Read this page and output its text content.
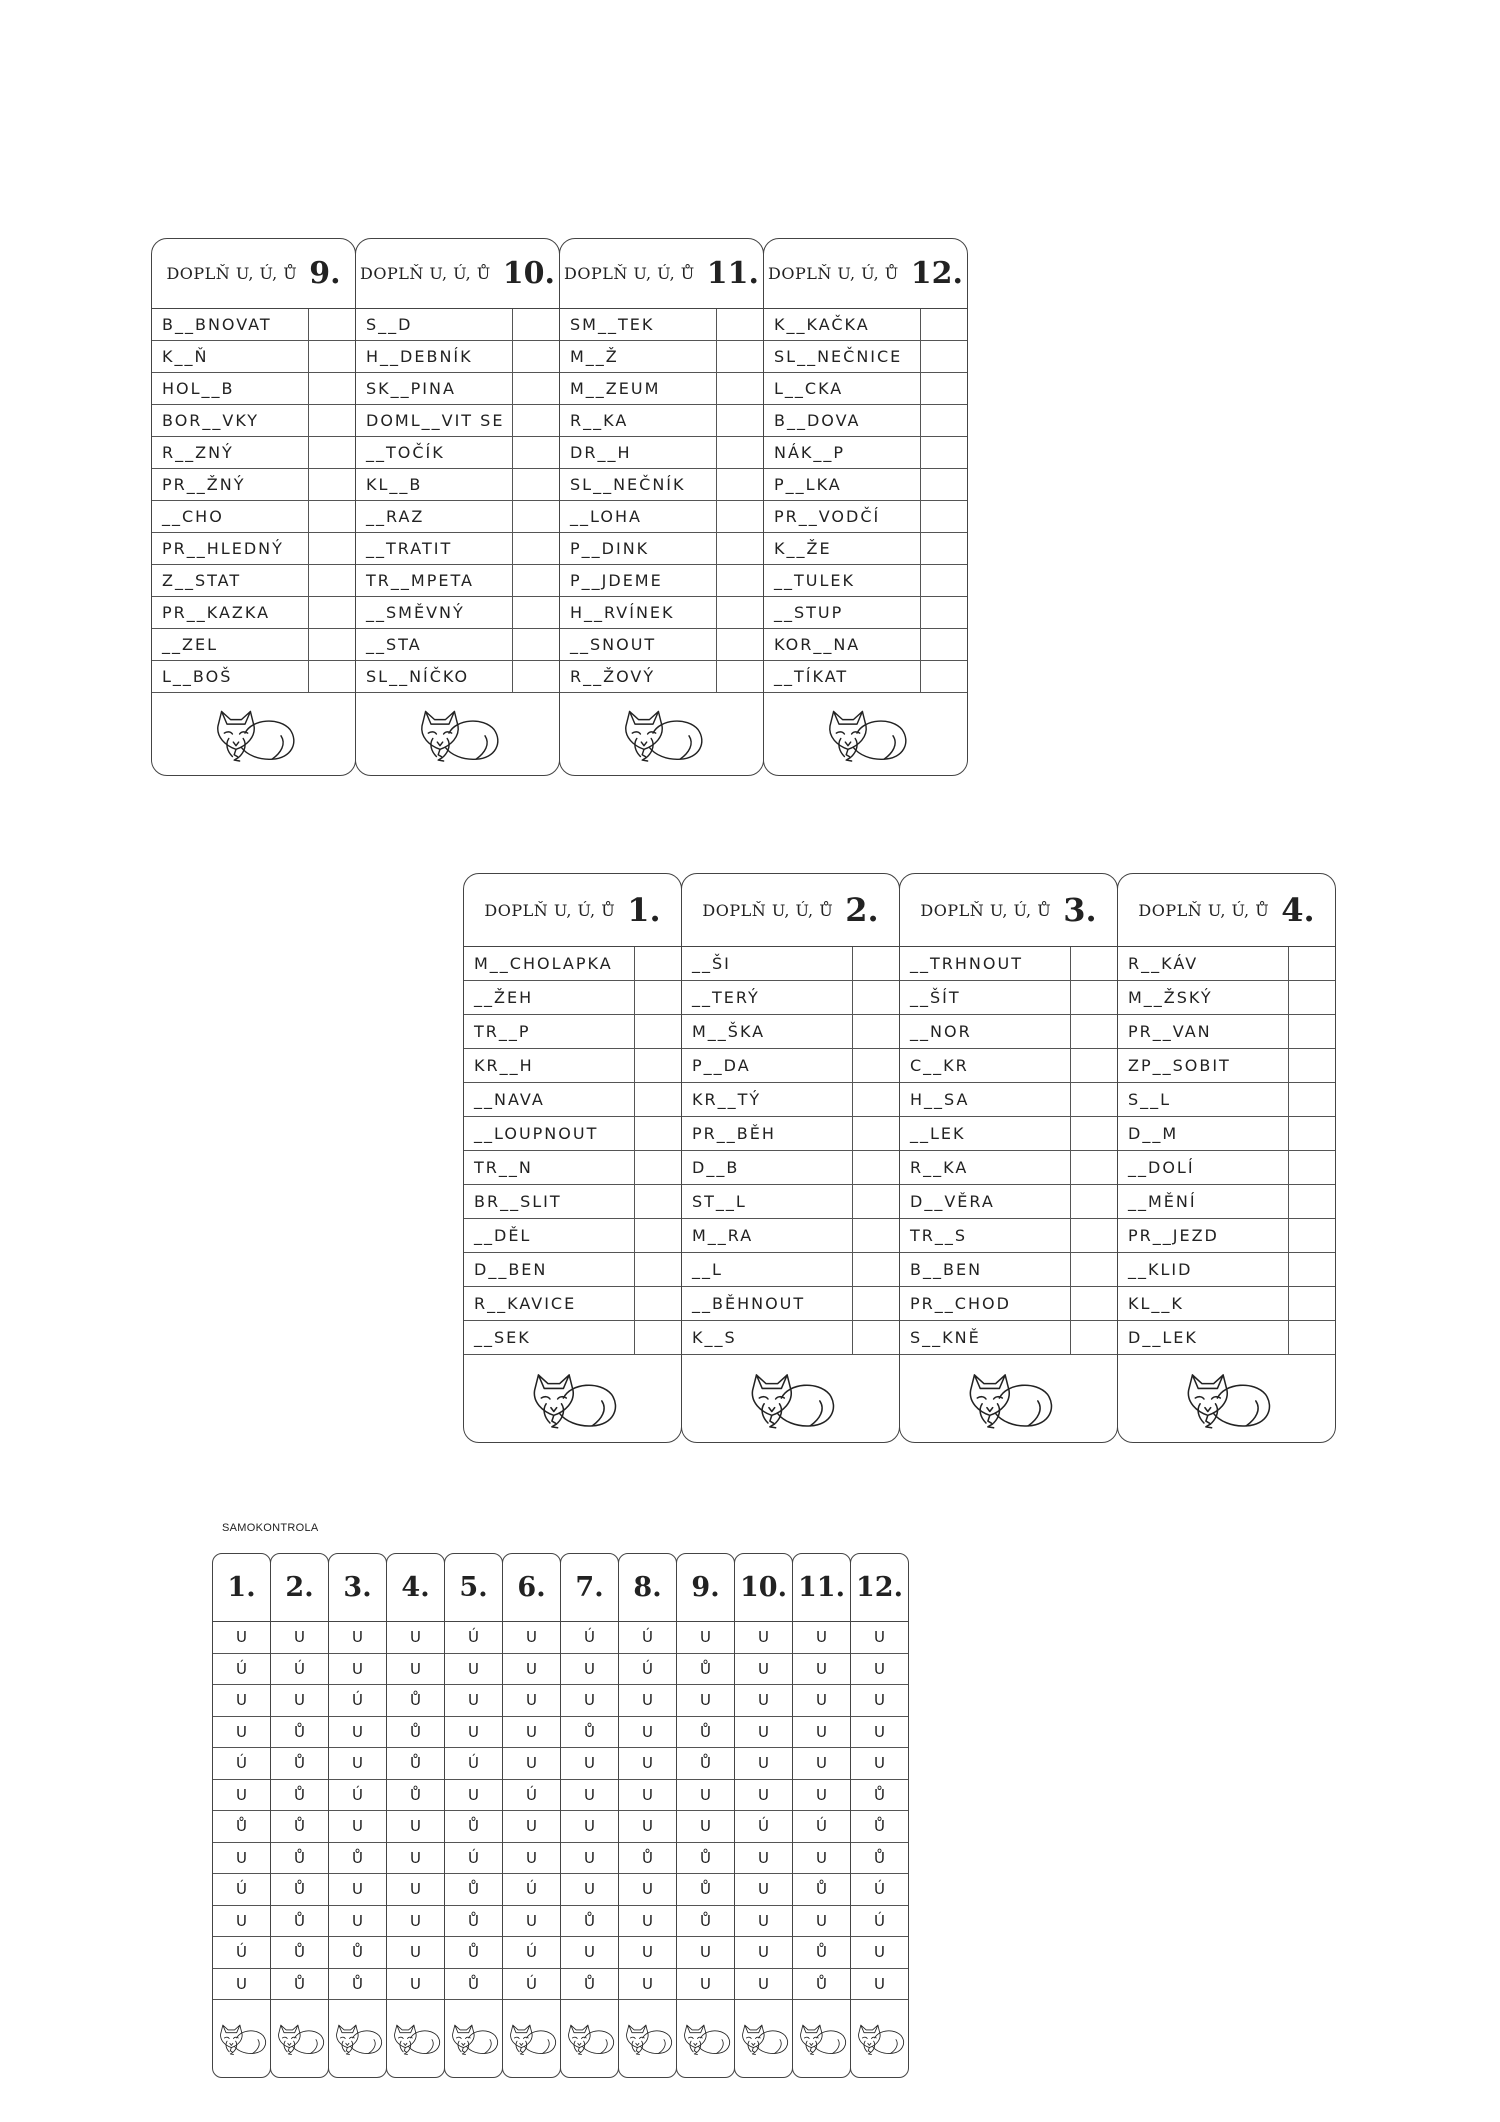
DOPLŇ U, Ú, Ů 9.
B__BNOVAT
K__Ň
HOL__B
BOR__VKY
R__ZNÝ
PR__ŽNÝ
__CHO
PR__HLEDNÝ
Z__STAT
PR__KAZKA
__ZEL
L__BOŠ
DOPLŇ U, Ú, Ů 10.
S__D
H__DEBNÍK
SK__PINA
DOML__VIT SE
__TOČÍK
KL__B
__RAZ
__TRATIT
TR__MPETA
__SMĚVNÝ
__STA
SL__NÍČKO
DOPLŇ U, Ú, Ů 11.
SM__TEK
M__Ž
M__ZEUM
R__KA
DR__H
SL__NEČNÍK
__LOHA
P__DINK
P__JDEME
H__RVÍNEK
__SNOUT
R__ŽOVÝ
DOPLŇ U, Ú, Ů 12.
K__KAČKA
SL__NEČNICE
L__CKA
B__DOVA
NÁK__P
P__LKA
PR__VODČÍ
K__ŽE
__TULEK
__STUP
KOR__NA
__TÍKAT
DOPLŇ U, Ú, Ů 1.
M__CHOLAPKA
__ŽEH
TR__P
KR__H
__NAVA
__LOUPNOUT
TR__N
BR__SLIT
__DĚL
D__BEN
R__KAVICE
__SEK
DOPLŇ U, Ú, Ů 2.
__ŠI
__TERÝ
M__ŠKA
P__DA
KR__TÝ
PR__BĚH
D__B
ST__L
M__RA
__L
__BĚHNOUT
K__S
DOPLŇ U, Ú, Ů 3.
__TRHNOUT
__ŠÍT
__NOR
C__KR
H__SA
__LEK
R__KA
D__VĚRA
TR__S
B__BEN
PR__CHOD
S__KNĚ
DOPLŇ U, Ú, Ů 4.
R__KÁV
M__ŽSKÝ
PR__VAN
ZP__SOBIT
S__L
D__M
__DOLÍ
__MĚNÍ
PR__JEZD
__KLID
KL__K
D__LEK
SAMOKONTROLA
1.
U
Ú
U
U
Ú
U
Ů
U
Ú
U
Ú
U
2.
U
Ú
U
Ů
Ů
Ů
Ů
Ů
Ů
Ů
Ů
Ů
3.
U
U
Ú
U
U
Ú
U
Ů
U
U
Ů
Ů
4.
U
U
Ů
Ů
Ů
Ů
U
U
U
U
U
U
5.
Ú
U
U
U
Ú
U
Ů
Ú
Ů
Ů
Ů
Ů
6.
U
U
U
U
U
Ú
U
U
Ú
U
Ú
Ú
7.
Ú
U
U
Ů
U
U
U
U
U
Ů
U
Ů
8.
Ú
Ú
U
U
U
U
U
Ů
U
U
U
U
9.
U
Ů
U
Ů
Ů
U
U
Ů
Ů
Ů
U
U
10.
U
U
U
U
U
U
Ú
U
U
U
U
U
11.
U
U
U
U
U
U
Ú
U
Ů
U
Ů
Ů
12.
U
U
U
U
U
Ů
Ů
Ů
Ú
Ú
U
U
